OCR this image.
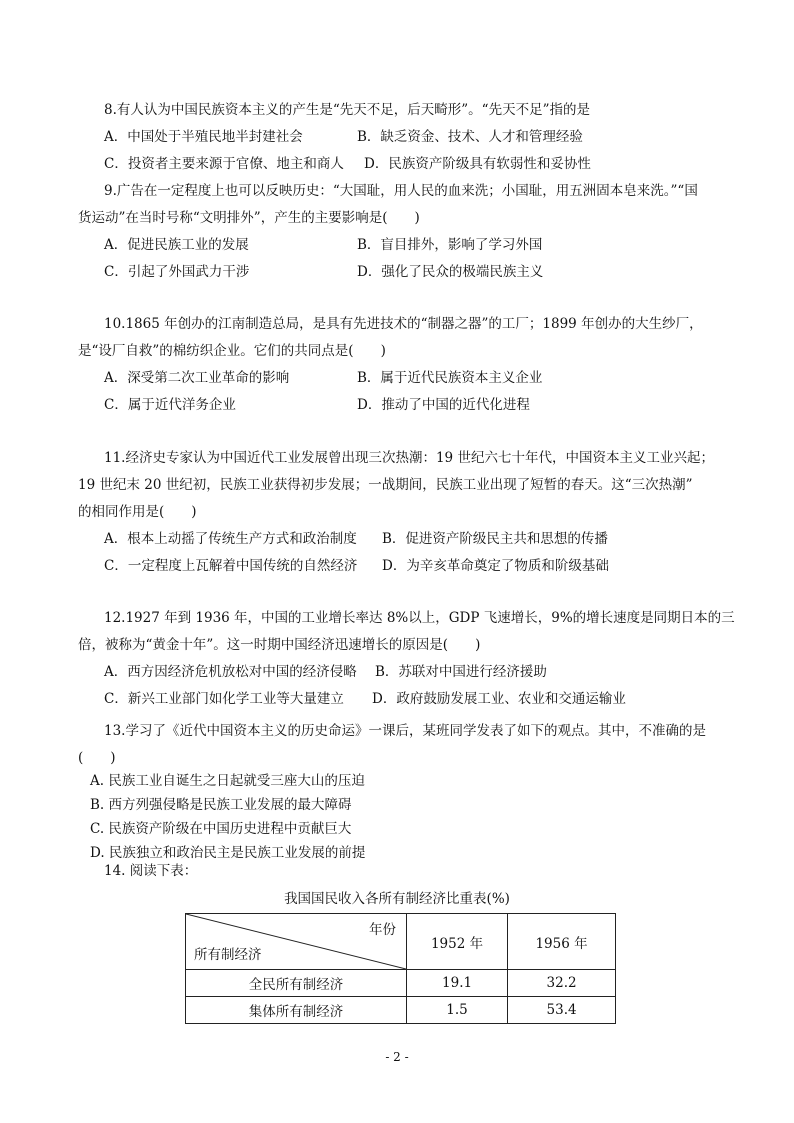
8.有人认为中国民族资本主义的产生是“先天不足，后天畸形”。“先天不足”指的是
A．中国处于半殖民地半封建社会	B．缺乏资金、技术、人才和管理经验
C．投资者主要来源于官僚、地主和商人 D．民族资产阶级具有软弱性和妥协性
9.广告在一定程度上也可以反映历史：“大国耻，用人民的血来洗；小国耻，用五洲固本皂来洗。”“国
货运动”在当时号称“文明排外”，产生的主要影响是(　　)
A．促进民族工业的发展	B．盲目排外，影响了学习外国
C．引起了外国武力干涉	D．强化了民众的极端民族主义
10.1865 年创办的江南制造总局，是具有先进技术的“制器之器”的工厂；1899 年创办的大生纱厂，
是“设厂自救”的棉纺织企业。它们的共同点是(　　)
A．深受第二次工业革命的影响	B．属于近代民族资本主义企业
C．属于近代洋务企业	D．推动了中国的近代化进程
11.经济史专家认为中国近代工业发展曾出现三次热潮：19 世纪六七十年代，中国资本主义工业兴起；
19 世纪末 20 世纪初，民族工业获得初步发展；一战期间，民族工业出现了短暂的春天。这“三次热潮”
的相同作用是(　　)
A．根本上动摇了传统生产方式和政治制度 B．促进资产阶级民主共和思想的传播
C．一定程度上瓦解着中国传统的自然经济 D．为辛亥革命奠定了物质和阶级基础
12.1927 年到 1936 年，中国的工业增长率达 8%以上，GDP 飞速增长，9%的增长速度是同期日本的三
倍，被称为“黄金十年”。这一时期中国经济迅速增长的原因是(　　)
A．西方因经济危机放松对中国的经济侵略 B．苏联对中国进行经济援助
C．新兴工业部门如化学工业等大量建立 D．政府鼓励发展工业、农业和交通运输业
13.学习了《近代中国资本主义的历史命运》一课后，某班同学发表了如下的观点。其中，不准确的是
(　　)
A. 民族工业自诞生之日起就受三座大山的压迫
B. 西方列强侵略是民族工业发展的最大障碍
C. 民族资产阶级在中国历史进程中贡献巨大
D. 民族独立和政治民主是民族工业发展的前提
14. 阅读下表：
我国国民收入各所有制经济比重表(%)
年份
所有制经济	1952 年	1956 年
全民所有制经济	19.1	32.2
集体所有制经济	1.5	53.4
- 2 -
